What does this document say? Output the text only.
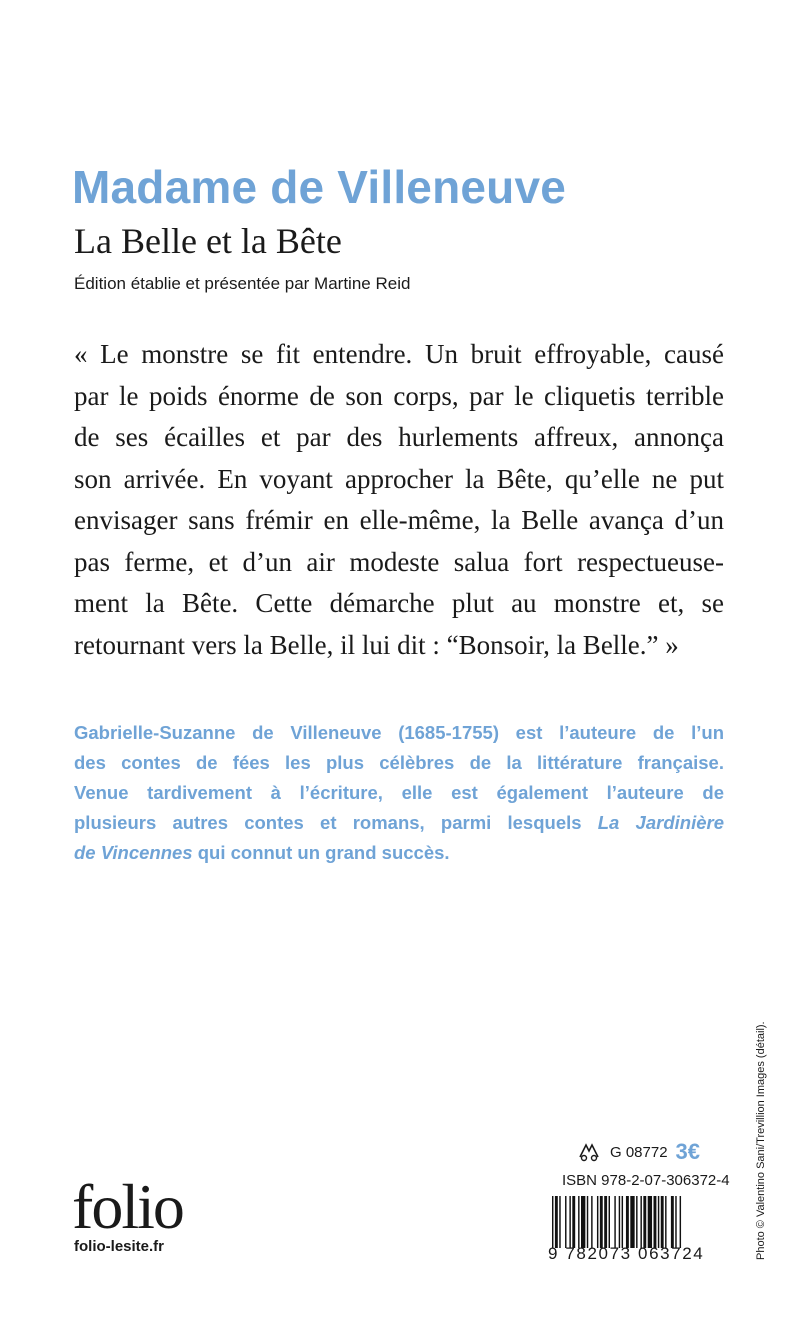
Madame de Villeneuve
La Belle et la Bête
Édition établie et présentée par Martine Reid
« Le monstre se fit entendre. Un bruit effroyable, causé
par le poids énorme de son corps, par le cliquetis terrible
de ses écailles et par des hurlements affreux, annonça
son arrivée. En voyant approcher la Bête, qu’elle ne put
envisager sans frémir en elle-même, la Belle avança d’un
pas ferme, et d’un air modeste salua fort respectueuse-
ment la Bête. Cette démarche plut au monstre et, se
retournant vers la Belle, il lui dit : “Bonsoir, la Belle.” »
Gabrielle-Suzanne de Villeneuve (1685-1755) est l’auteure de l’un
des contes de fées les plus célèbres de la littérature française.
Venue tardivement à l’écriture, elle est également l’auteure de
plusieurs autres contes et romans, parmi lesquels La Jardinière
de Vincennes qui connut un grand succès.
Photo © Valentino Sani/Trevillion Images (détail).
folio
folio-lesite.fr
G 08772 3€
ISBN 978-2-07-306372-4
9 782073 063724
